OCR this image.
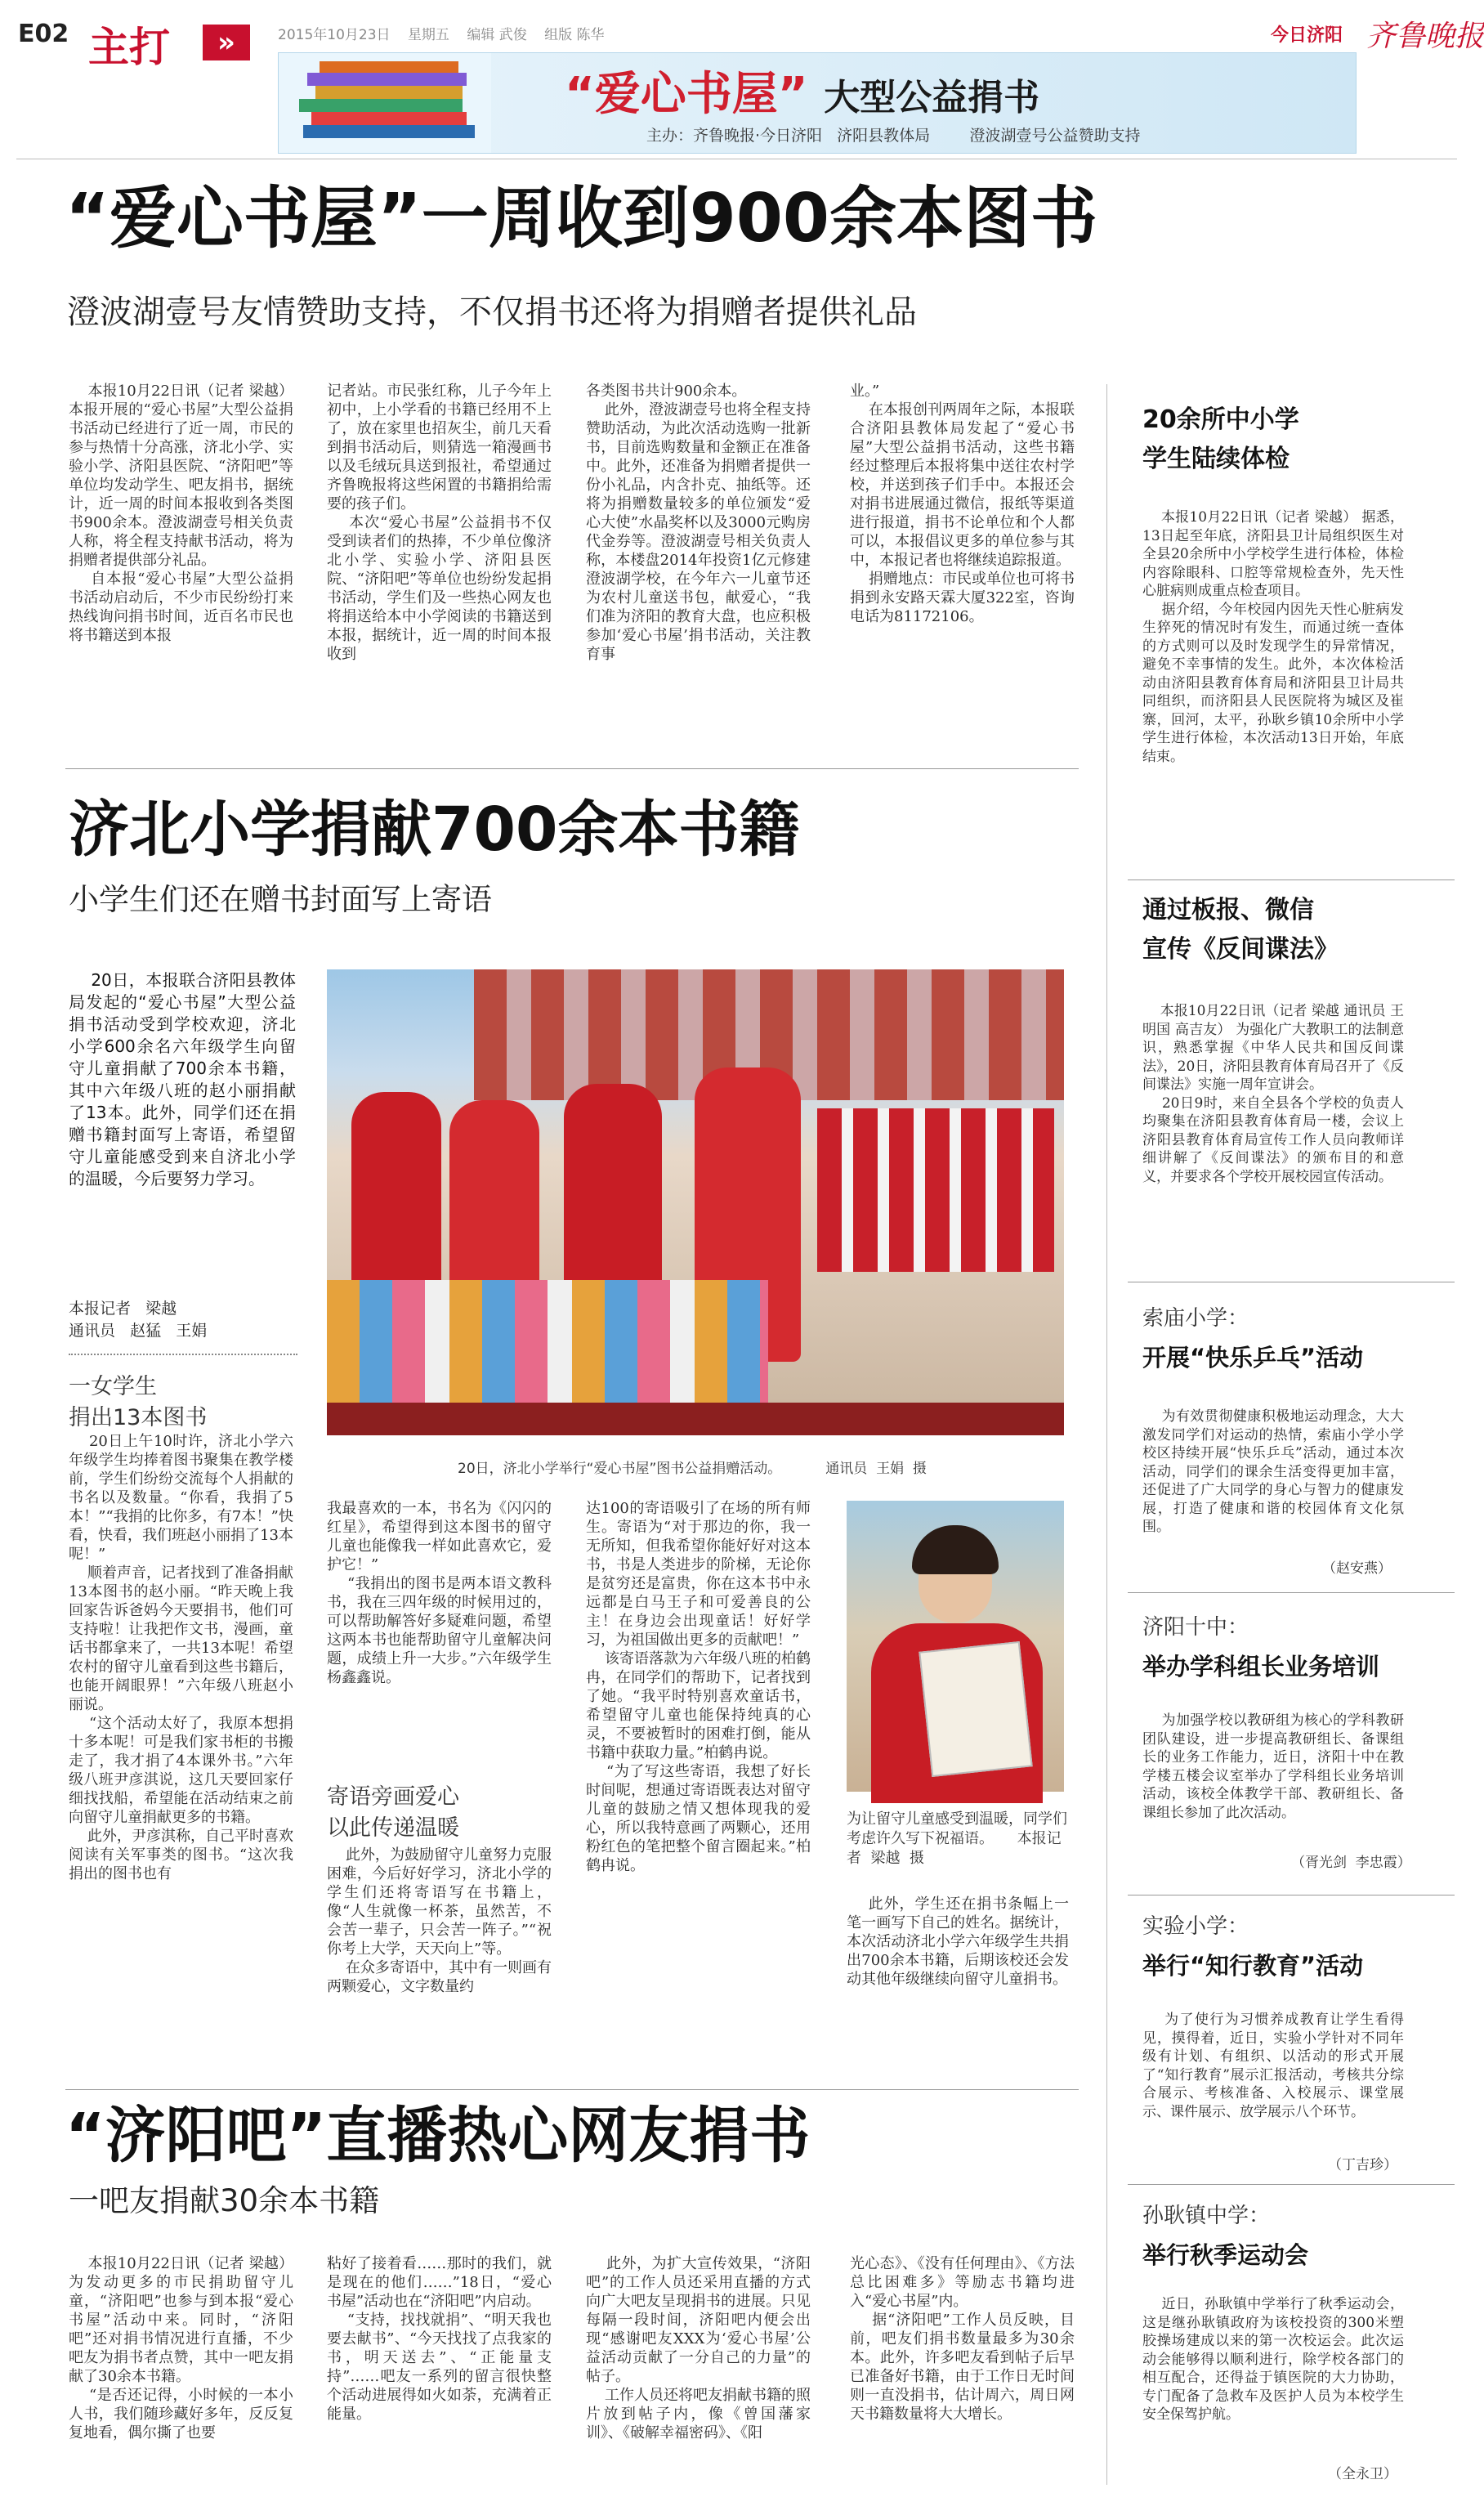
E02 主打	»	2015年10月23日 星期五 编辑 武俊 组版 陈华	今日济阳 齐鲁晚报
“爱心书屋” 大型公益捐书
主办：齐鲁晚报·今日济阳   济阳县教体局        澄波湖壹号公益赞助支持
“爱心书屋”一周收到900余本图书
澄波湖壹号友情赞助支持，不仅捐书还将为捐赠者提供礼品

本报10月22日讯（记者 梁越） 本报开展的“爱心书屋”大型公益捐书活动已经进行了近一周，市民的参与热情十分高涨，济北小学、实验小学、济阳县医院、“济阳吧”等单位均发动学生、吧友捐书，据统计，近一周的时间本报收到各类图书900余本。澄波湖壹号相关负责人称，将全程支持献书活动，将为捐赠者提供部分礼品。
自本报“爱心书屋”大型公益捐书活动启动后，不少市民纷纷打来热线询问捐书时间，近百名市民也将书籍送到本报

记者站。市民张红称，儿子今年上初中，上小学看的书籍已经用不上了，放在家里也招灰尘，前几天看到捐书活动后，则猜选一箱漫画书以及毛绒玩具送到报社，希望通过齐鲁晚报将这些闲置的书籍捐给需要的孩子们。
本次“爱心书屋”公益捐书不仅受到读者们的热捧，不少单位像济北小学、实验小学、济阳县医院、“济阳吧”等单位也纷纷发起捐书活动，学生们及一些热心网友也将捐送给本中小学阅读的书籍送到本报，据统计，近一周的时间本报收到

各类图书共计900余本。
此外，澄波湖壹号也将全程支持赞助活动，为此次活动选购一批新书，目前选购数量和金额正在准备中。此外，还准备为捐赠者提供一份小礼品，内含扑克、抽纸等。还将为捐赠数量较多的单位颁发“爱心大使”水晶奖杯以及3000元购房代金券等。澄波湖壹号相关负责人称，本楼盘2014年投资1亿元修建澄波湖学校，在今年六一儿童节还为农村儿童送书包，献爱心，“我们准为济阳的教育大盘，也应积极参加‘爱心书屋’捐书活动，关注教育事

业。”
在本报创刊两周年之际，本报联合济阳县教体局发起了“爱心书屋”大型公益捐书活动，这些书籍经过整理后本报将集中送往农村学校，并送到孩子们手中。本报还会对捐书进展通过微信，报纸等渠道进行报道，捐书不论单位和个人都可以，本报倡议更多的单位参与其中，本报记者也将继续追踪报道。
捐赠地点：市民或单位也可将书捐到永安路天霖大厦322室，咨询电话为81172106。

济北小学捐献700余本书籍
小学生们还在赠书封面写上寄语

20日，本报联合济阳县教体局发起的“爱心书屋”大型公益捐书活动受到学校欢迎，济北小学600余名六年级学生向留守儿童捐献了700余本书籍，其中六年级八班的赵小丽捐献了13本。此外，同学们还在捐赠书籍封面写上寄语，希望留守儿童能感受到来自济北小学的温暖，今后要努力学习。

本报记者   梁越
通讯员   赵猛   王娟
一女学生
捐出13本图书

20日，济北小学举行“爱心书屋”图书公益捐赠活动。          通讯员  王娟  摄

20日上午10时许，济北小学六年级学生均捧着图书聚集在教学楼前，学生们纷纷交流每个人捐献的书名以及数量。“你看，我捐了5本！”“我捐的比你多，有7本！”快看，快看，我们班赵小丽捐了13本呢！”
顺着声音，记者找到了准备捐献13本图书的赵小丽。“昨天晚上我回家告诉爸妈今天要捐书，他们可支持啦！让我把作文书，漫画，童话书都拿来了，一共13本呢！希望农村的留守儿童看到这些书籍后，也能开阔眼界！”六年级八班赵小丽说。
“这个活动太好了，我原本想捐十多本呢！可是我们家书柜的书搬走了，我才捐了4本课外书。”六年级八班尹彦淇说，这几天要回家仔细找找船，希望能在活动结束之前向留守儿童捐献更多的书籍。
此外，尹彦淇称，自己平时喜欢阅读有关军事类的图书。“这次我捐出的图书也有

我最喜欢的一本，书名为《闪闪的红星》，希望得到这本图书的留守儿童也能像我一样如此喜欢它，爱护它！”
“我捐出的图书是两本语文教科书，我在三四年级的时候用过的，可以帮助解答好多疑难问题，希望这两本书也能帮助留守儿童解决问题，成绩上升一大步。”六年级学生杨鑫鑫说。

寄语旁画爱心
以此传递温暖

此外，为鼓励留守儿童努力克服困难，今后好好学习，济北小学的学生们还将寄语写在书籍上，像“人生就像一杯茶，虽然苦，不会苦一辈子，只会苦一阵子。”“祝你考上大学，天天向上”等。
在众多寄语中，其中有一则画有两颗爱心，文字数量约

达100的寄语吸引了在场的所有师生。寄语为“对于那边的你，我一无所知，但我希望你能好好对这本书，书是人类进步的阶梯，无论你是贫穷还是富贵，你在这本书中永远都是白马王子和可爱善良的公主！在身边会出现童话！好好学习，为祖国做出更多的贡献吧！”
该寄语落款为六年级八班的柏鹤冉，在同学们的帮助下，记者找到了她。“我平时特别喜欢童话书，希望留守儿童也能保持纯真的心灵，不要被暂时的困难打倒，能从书籍中获取力量。”柏鹤冉说。
“为了写这些寄语，我想了好长时间呢，想通过寄语既表达对留守儿童的鼓励之情又想体现我的爱心，所以我特意画了两颗心，还用粉红色的笔把整个留言圈起来。”柏鹤冉说。

为让留守儿童感受到温暖，同学们考虑许久写下祝福语。     本报记者  梁越  摄

此外，学生还在捐书条幅上一笔一画写下自己的姓名。据统计，本次活动济北小学六年级学生共捐出700余本书籍，后期该校还会发动其他年级继续向留守儿童捐书。

“济阳吧”直播热心网友捐书
一吧友捐献30余本书籍

本报10月22日讯（记者 梁越） 为发动更多的市民捐助留守儿童，“济阳吧”也参与到本报“爱心书屋”活动中来。同时，“济阳吧”还对捐书情况进行直播，不少吧友为捐书者点赞，其中一吧友捐献了30余本书籍。
“是否还记得，小时候的一本小人书，我们随珍藏好多年，反反复复地看，偶尔撕了也要

粘好了接着看……那时的我们，就是现在的他们……”18日，“爱心书屋”活动也在“济阳吧”内启动。
“支持，找找就捐”、“明天我也要去献书”、“今天找找了点我家的书，明天送去”、“正能量支持”……吧友一系列的留言很快整个活动进展得如火如荼，充满着正能量。

此外，为扩大宣传效果，“济阳吧”的工作人员还采用直播的方式向广大吧友呈现捐书的进展。只见每隔一段时间，济阳吧内便会出现“感谢吧友XXX为‘爱心书屋’公益活动贡献了一分自己的力量”的帖子。
工作人员还将吧友捐献书籍的照片放到帖子内，像《曾国藩家训》、《破解幸福密码》、《阳

光心态》、《没有任何理由》、《方法总比困难多》等励志书籍均进入“爱心书屋”内。
据“济阳吧”工作人员反映，目前，吧友们捐书数量最多为30余本。此外，许多吧友看到帖子后早已准备好书籍，由于工作日无时间则一直没捐书，估计周六，周日网天书籍数量将大大增长。

20余所中小学
学生陆续体检

本报10月22日讯（记者 梁越） 据悉，13日起至年底，济阳县卫计局组织医生对全县20余所中小学校学生进行体检，体检内容除眼科、口腔等常规检查外，先天性心脏病则成重点检查项目。
据介绍，今年校园内因先天性心脏病发生猝死的情况时有发生，而通过统一查体的方式则可以及时发现学生的异常情况，避免不幸事情的发生。此外，本次体检活动由济阳县教育体育局和济阳县卫计局共同组织，而济阳县人民医院将为城区及崔寨，回河，太平，孙耿乡镇10余所中小学学生进行体检，本次活动13日开始，年底结束。

通过板报、微信
宣传《反间谍法》

本报10月22日讯（记者 梁越 通讯员 王明国 高吉友） 为强化广大教职工的法制意识，熟悉掌握《中华人民共和国反间谍法》，20日，济阳县教育体育局召开了《反间谍法》实施一周年宣讲会。
20日9时，来自全县各个学校的负责人均聚集在济阳县教育体育局一楼，会议上济阳县教育体育局宣传工作人员向教师详细讲解了《反间谍法》的颁布目的和意义，并要求各个学校开展校园宣传活动。

索庙小学：
开展“快乐乒乓”活动

为有效贯彻健康积极地运动理念，大大激发同学们对运动的热情，索庙小学小学校区持续开展“快乐乒乓”活动，通过本次活动，同学们的课余生活变得更加丰富，还促进了广大同学的身心与智力的健康发展，打造了健康和谐的校园体育文化氛围。

（赵安燕）
济阳十中：
举办学科组长业务培训

为加强学校以教研组为核心的学科教研团队建设，进一步提高教研组长、备课组长的业务工作能力，近日，济阳十中在教学楼五楼会议室举办了学科组长业务培训活动，该校全体教学干部、教研组长、备课组长参加了此次活动。

（胥光剑  李忠霞）
实验小学：
举行“知行教育”活动

为了使行为习惯养成教育让学生看得见，摸得着，近日，实验小学针对不同年级有计划、有组织、以活动的形式开展了“知行教育”展示汇报活动，考核共分综合展示、考核准备、入校展示、课堂展示、课件展示、放学展示八个环节。

（丁吉珍）
孙耿镇中学：
举行秋季运动会

近日，孙耿镇中学举行了秋季运动会，这是继孙耿镇政府为该校投资的300米塑胶操场建成以来的第一次校运会。此次运动会能够得以顺利进行，除学校各部门的相互配合，还得益于镇医院的大力协助，专门配备了急救车及医护人员为本校学生安全保驾护航。

（全永卫）
